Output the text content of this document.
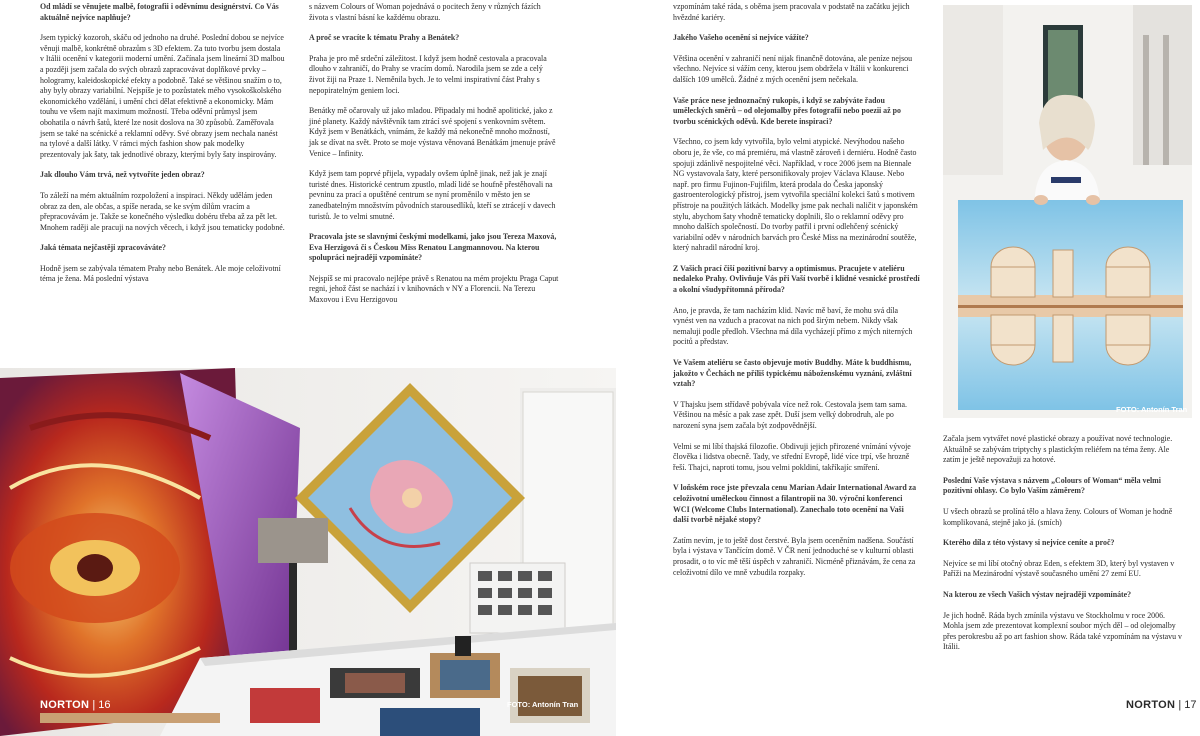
Od mládí se věnujete malbě, fotografii i oděvnímu designérství. Co Vás aktuálně nejvíce naplňuje?

Jsem typický kozoroh, skáču od jednoho na druhé. Poslední dobou se nejvíce věnuji malbě, konkrétně obrazům s 3D efektem. Za tuto tvorbu jsem dostala v Itálii ocenění v kategorii moderní umění. Začínala jsem lineární 3D malbou a později jsem začala do svých obrazů zapracovávat doplňkové prvky – hologramy, kaleidoskopické efekty a podobně. Také se většinou snažím o to, aby byly obrazy variabilní. Nejspíše je to pozůstatek mého vysokoškolského ekonomického vzdělání, i umění chci dělat efektivně a ekonomicky. Mám touhu ve všem najít maximum možností. Třeba oděvní průmysl jsem obohatila o návrh šatů, které lze nosit doslova na 30 způsobů. Zaměřovala jsem se také na scénické a reklamní oděvy. Své obrazy jsem nechala nanést na tylové a další látky. V rámci mých fashion show pak modelky prezentovaly jak šaty, tak jednotlivé obrazy, kterými byly šaty inspirovány.

Jak dlouho Vám trvá, než vytvoříte jeden obraz?

To záleží na mém aktuálním rozpoložení a inspiraci. Někdy udělám jeden obraz za den, ale občas, a spíše nerada, se ke svým dílům vracím a přepracovávám je. Takže se konečného výsledku dobéru třeba až za pět let. Mnohem raději ale pracuji na nových věcech, i když jsou tematicky podobné.

Jaká témata nejčastěji zpracováváte?

Hodně jsem se zabývala tématem Prahy nebo Benátek. Ale moje celoživotní téma je žena. Má poslední výstava

s názvem Colours of Woman pojednává o pocitech ženy v různých fázích života s vlastní básní ke každému obrazu.

A proč se vracíte k tématu Prahy a Benátek?

Praha je pro mě srdeční záležitost. I když jsem hodně cestovala a pracovala dlouho v zahraničí, do Prahy se vracím domů. Narodila jsem se zde a celý život žiji na Praze 1. Neměnila bych. Je to velmi inspirativní část Prahy s nepopiratelným geniem loci.

Benátky mě očarovaly už jako mladou. Připadaly mi hodně apolitické, jako z jiné planety. Každý návštěvník tam ztrácí své spojení s venkovním světem. Když jsem v Benátkách, vnímám, že každý má nekonečně mnoho možností, jak se dívat na svět. Proto se moje výstava věnovaná Benátkám jmenuje právě Venice – Infinity.

Když jsem tam poprvé přijela, vypadaly ovšem úplně jinak, než jak je znají turisté dnes. Historické centrum zpustlo, mladí lidé se houfně přestěhovali na pevninu za prací a opuštěné centrum se nyní proměnilo v město jen se zanedbatelným množstvím původních starousedlíků, kteří se ztrácejí v davech turistů. Je to velmi smutné.

Pracovala jste se slavnými českými modelkami, jako jsou Tereza Maxová, Eva Herzigová či s Českou Miss Renatou Langmannovou. Na kterou spolupráci nejraději vzpomínáte?

Nejspíš se mi pracovalo nejlépe právě s Renatou na mém projektu Praga Caput regni, jehož část se nachází i v knihovnách v NY a Florencii. Na Terezu Maxovou i Evu Herzigovou

FOTO: Antonín Tran
NORTON | 16

vzpomínám také ráda, s oběma jsem pracovala v podstatě na začátku jejich hvězdné kariéry.

Jakého Vašeho ocenění si nejvíce vážíte?

Většina ocenění v zahraničí není nijak finančně dotována, ale peníze nejsou všechno. Nejvíce si vážím ceny, kterou jsem obdržela v Itálii v konkurenci dalších 109 umělců. Žádné z mých ocenění jsem nečekala.

Vaše práce nese jednoznačný rukopis, i když se zabýváte řadou uměleckých směrů – od olejomalby přes fotografii nebo poezii až po tvorbu scénických oděvů. Kde berete inspiraci?

Všechno, co jsem kdy vytvořila, bylo velmi atypické. Nevýhodou našeho oboru je, že vše, co má premiéru, má vlastně zároveň i derniéru. Hodně často spojuji zdánlivě nespojitelné věci. Například, v roce 2006 jsem na Biennale NG vystavovala šaty, které personifikovaly projev Václava Klause. Nebo např. pro firmu Fujinon-Fujifilm, která prodala do Česka japonský gastroenterologický přístroj, jsem vytvořila speciální kolekci šatů s motivem přístroje na použitých látkách. Modelky jsme pak nechali naličit v japonském stylu, abychom šaty vhodně tematicky doplnili, šlo o reklamní oděvy pro mnoho dalších společností. Do tvorby patřil i první odlehčený scénický variabilní oděv v národních barvách pro České Miss na mezinárodní soutěže, který nahradil národní kroj.

Z Vašich prací čiší pozitivní barvy a optimismus. Pracujete v ateliéru nedaleko Prahy. Ovlivňuje Vás při Vaší tvorbě i klidné vesnické prostředí a okolní všudypřítomná příroda?

Ano, je pravda, že tam nacházím klid. Navíc mě baví, že mohu svá díla vynést ven na vzduch a pracovat na nich pod širým nebem. Nikdy však nemaluji podle předloh. Všechna má díla vycházejí přímo z mých niterných pocitů a představ.

Ve Vašem ateliéru se často objevuje motiv Buddhy. Máte k buddhismu, jakožto v Čechách ne příliš typickému náboženskému vyznání, zvláštní vztah?

V Thajsku jsem střídavě pobývala více než rok. Cestovala jsem tam sama. Většinou na měsíc a pak zase zpět. Duší jsem velký dobrodruh, ale po narození syna jsem začala být zodpovědnější.

Velmi se mi líbí thajská filozofie. Obdivuji jejich přirozené vnímání vývoje člověka i lidstva obecně. Tady, ve střední Evropě, lidé více trpí, vše hrozně řeší. Thajci, naproti tomu, jsou velmi pokldiní, takříkajíc smíření.

V loňském roce jste převzala cenu Marian Adair International Award za celoživotní uměleckou činnost a filantropii na 30. výroční konferenci WCI (Welcome Clubs International). Zanechalo toto ocenění na Vaši další tvorbě nějaké stopy?

Zatím nevím, je to ještě dost čerstvé. Byla jsem oceněním nadšena. Součástí byla i výstava v Tančícím domě. V ČR není jednoduché se v kulturní oblasti prosadit, o to víc mě těší úspěch v zahraničí. Nicméně přiznávám, že cena za celoživotní dílo ve mně vzbudila rozpaky.

FOTO: Antonín Tran

Začala jsem vytvářet nové plastické obrazy a používat nové technologie. Aktuálně se zabývám triptychy s plastickým reliéfem na téma ženy. Ale zatím je ještě nepovažuji za hotové.

Poslední Vaše výstava s názvem „Colours of Woman“ měla velmi pozitivní ohlasy. Co bylo Vaším záměrem?

U všech obrazů se prolíná tělo a hlava ženy. Colours of Woman je hodně komplikovaná, stejně jako já. (smích)

Kterého díla z této výstavy si nejvíce ceníte a proč?

Nejvíce se mi líbí otočný obraz Eden, s efektem 3D, který byl vystaven v Paříži na Mezinárodní výstavě současného umění 27 zemí EU.

Na kterou ze všech Vašich výstav nejraději vzpomínáte?

Je jich hodně. Ráda bych zmínila výstavu ve Stockholmu v roce 2006. Mohla jsem zde prezentovat komplexní soubor mých děl – od olejomalby přes perokresbu až po art fashion show. Ráda také vzpomínám na výstavu v Itálii.

NORTON | 17
